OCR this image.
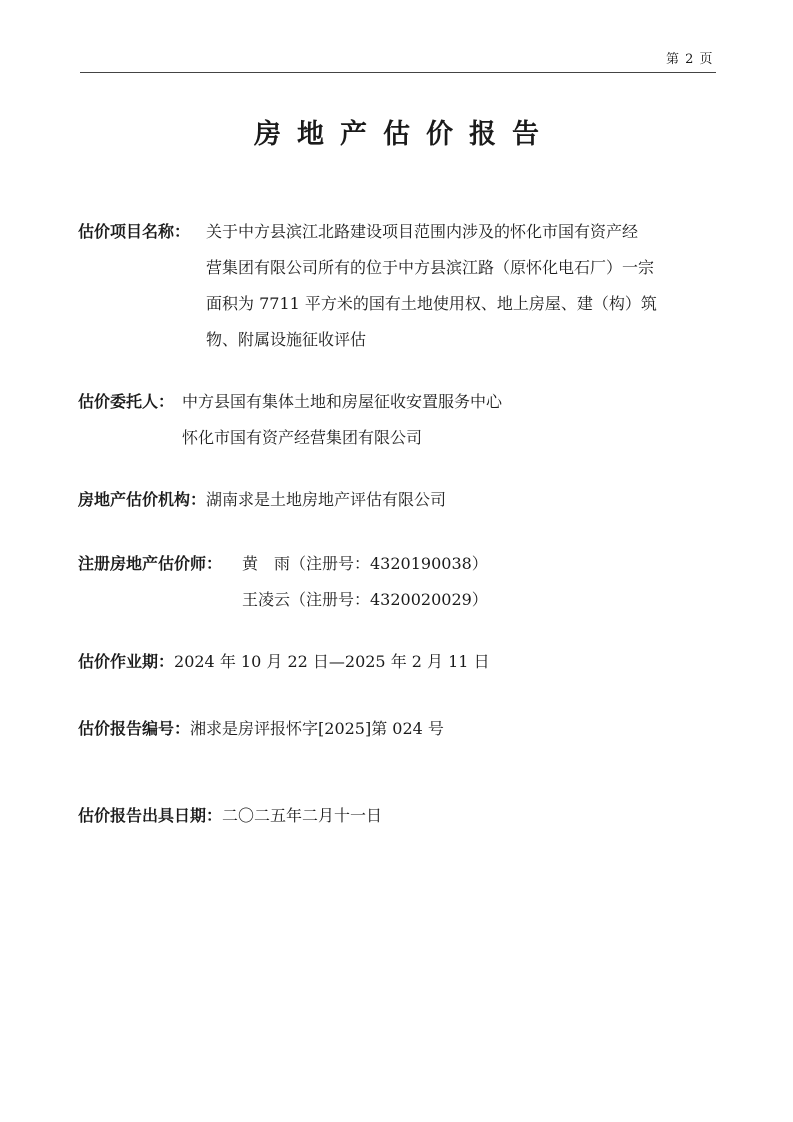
第 2 页
房地产估价报告
估价项目名称： 关于中方县滨江北路建设项目范围内涉及的怀化市国有资产经
营集团有限公司所有的位于中方县滨江路（原怀化电石厂）一宗
面积为 7711 平方米的国有土地使用权、地上房屋、建（构）筑
物、附属设施征收评估
估价委托人： 中方县国有集体土地和房屋征收安置服务中心
怀化市国有资产经营集团有限公司
房地产估价机构：湖南求是土地房地产评估有限公司
注册房地产估价师： 黄　雨（注册号：4320190038）
王凌云（注册号：4320020029）
估价作业期：2024 年 10 月 22 日—2025 年 2 月 11 日
估价报告编号：湘求是房评报怀字[2025]第 024 号
估价报告出具日期：二〇二五年二月十一日
